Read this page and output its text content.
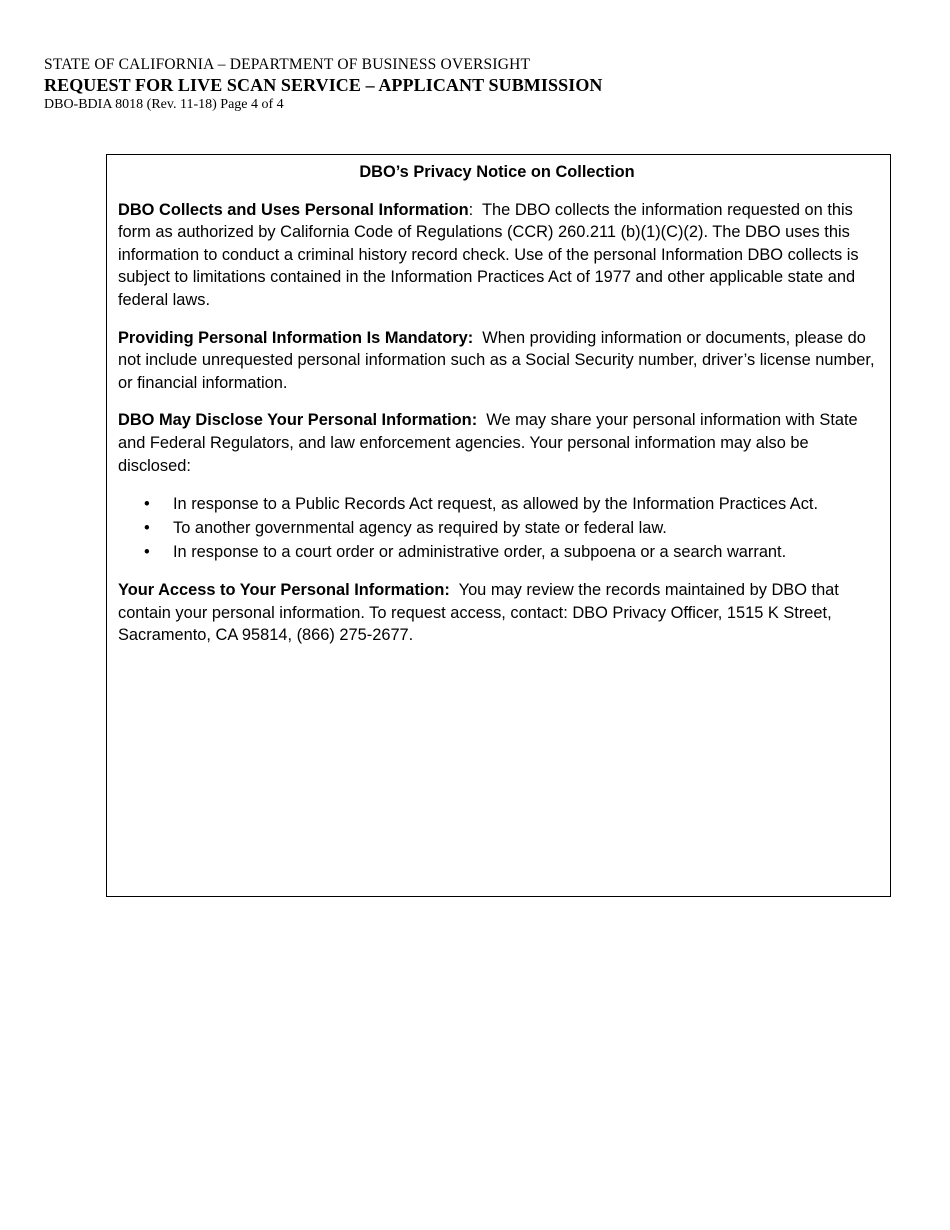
STATE OF CALIFORNIA – DEPARTMENT OF BUSINESS OVERSIGHT
REQUEST FOR LIVE SCAN SERVICE – APPLICANT SUBMISSION
DBO-BDIA 8018 (Rev. 11-18) Page 4 of 4
DBO’s Privacy Notice on Collection

DBO Collects and Uses Personal Information:  The DBO collects the information requested on this form as authorized by California Code of Regulations (CCR) 260.211 (b)(1)(C)(2). The DBO uses this information to conduct a criminal history record check. Use of the personal Information DBO collects is subject to limitations contained in the Information Practices Act of 1977 and other applicable state and federal laws.

Providing Personal Information Is Mandatory: When providing information or documents, please do not include unrequested personal information such as a Social Security number, driver’s license number, or financial information.

DBO May Disclose Your Personal Information: We may share your personal information with State and Federal Regulators, and law enforcement agencies. Your personal information may also be disclosed:

• In response to a Public Records Act request, as allowed by the Information Practices Act.
• To another governmental agency as required by state or federal law.
• In response to a court order or administrative order, a subpoena or a search warrant.

Your Access to Your Personal Information: You may review the records maintained by DBO that contain your personal information. To request access, contact: DBO Privacy Officer, 1515 K Street, Sacramento, CA 95814, (866) 275-2677.
